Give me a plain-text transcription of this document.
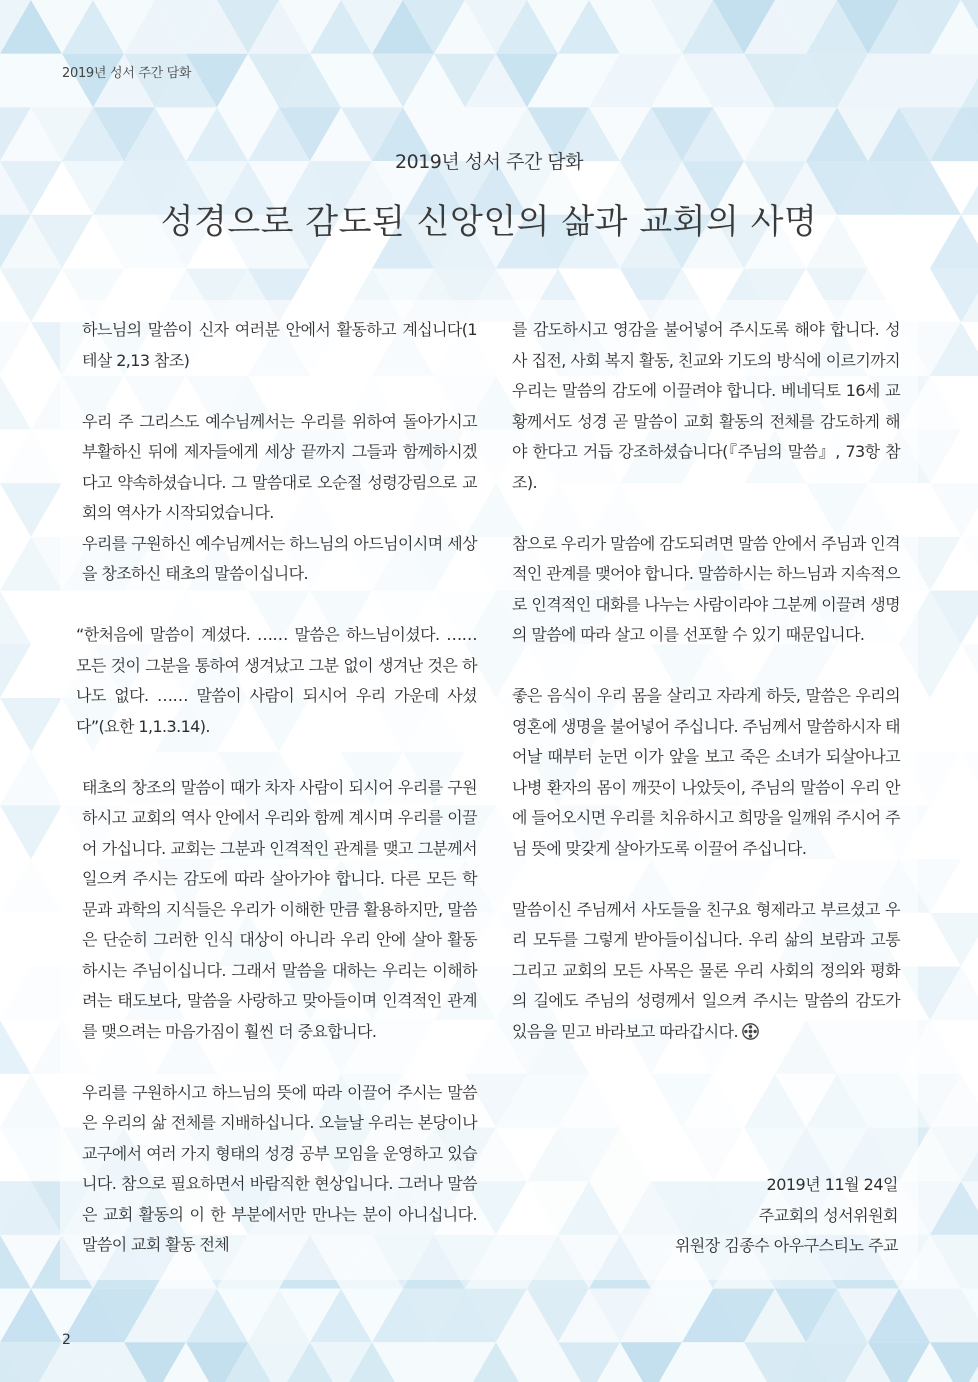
2019년 성서 주간 담화
2019년 성서 주간 담화
성경으로 감도된 신앙인의 삶과 교회의 사명

하느님의 말씀이 신자 여러분 안에서 활동하고 계십니다(1테살 2,13 참조)

우리 주 그리스도 예수님께서는 우리를 위하여 돌아가시고 부활하신 뒤에 제자들에게 세상 끝까지 그들과 함께하시겠다고 약속하셨습니다. 그 말씀대로 오순절 성령강림으로 교회의 역사가 시작되었습니다.

우리를 구원하신 예수님께서는 하느님의 아드님이시며 세상을 창조하신 태초의 말씀이십니다.

“한처음에 말씀이 계셨다. …… 말씀은 하느님이셨다. …… 모든 것이 그분을 통하여 생겨났고 그분 없이 생겨난 것은 하나도 없다. …… 말씀이 사람이 되시어 우리 가운데 사셨다”(요한 1,1.3.14).

태초의 창조의 말씀이 때가 차자 사람이 되시어 우리를 구원하시고 교회의 역사 안에서 우리와 함께 계시며 우리를 이끌어 가십니다. 교회는 그분과 인격적인 관계를 맺고 그분께서 일으켜 주시는 감도에 따라 살아가야 합니다. 다른 모든 학문과 과학의 지식들은 우리가 이해한 만큼 활용하지만, 말씀은 단순히 그러한 인식 대상이 아니라 우리 안에 살아 활동하시는 주님이십니다. 그래서 말씀을 대하는 우리는 이해하려는 태도보다, 말씀을 사랑하고 맞아들이며 인격적인 관계를 맺으려는 마음가짐이 훨씬 더 중요합니다.

우리를 구원하시고 하느님의 뜻에 따라 이끌어 주시는 말씀은 우리의 삶 전체를 지배하십니다. 오늘날 우리는 본당이나 교구에서 여러 가지 형태의 성경 공부 모임을 운영하고 있습니다. 참으로 필요하면서 바람직한 현상입니다. 그러나 말씀은 교회 활동의 이 한 부분에서만 만나는 분이 아니십니다. 말씀이 교회 활동 전체

를 감도하시고 영감을 불어넣어 주시도록 해야 합니다. 성사 집전, 사회 복지 활동, 친교와 기도의 방식에 이르기까지 우리는 말씀의 감도에 이끌려야 합니다. 베네딕토 16세 교황께서도 성경 곧 말씀이 교회 활동의 전체를 감도하게 해야 한다고 거듭 강조하셨습니다(『주님의 말씀』, 73항 참조).

참으로 우리가 말씀에 감도되려면 말씀 안에서 주님과 인격적인 관계를 맺어야 합니다. 말씀하시는 하느님과 지속적으로 인격적인 대화를 나누는 사람이라야 그분께 이끌려 생명의 말씀에 따라 살고 이를 선포할 수 있기 때문입니다.

좋은 음식이 우리 몸을 살리고 자라게 하듯, 말씀은 우리의 영혼에 생명을 불어넣어 주십니다. 주님께서 말씀하시자 태어날 때부터 눈먼 이가 앞을 보고 죽은 소녀가 되살아나고 나병 환자의 몸이 깨끗이 나았듯이, 주님의 말씀이 우리 안에 들어오시면 우리를 치유하시고 희망을 일깨워 주시어 주님 뜻에 맞갖게 살아가도록 이끌어 주십니다.

말씀이신 주님께서 사도들을 친구요 형제라고 부르셨고 우리 모두를 그렇게 받아들이십니다. 우리 삶의 보람과 고통 그리고 교회의 모든 사목은 물론 우리 사회의 정의와 평화의 길에도 주님의 성령께서 일으켜 주시는 말씀의 감도가 있음을 믿고 바라보고 따라갑시다.

2019년 11월 24일
주교회의 성서위원회
위원장 김종수 아우구스티노 주교
2
